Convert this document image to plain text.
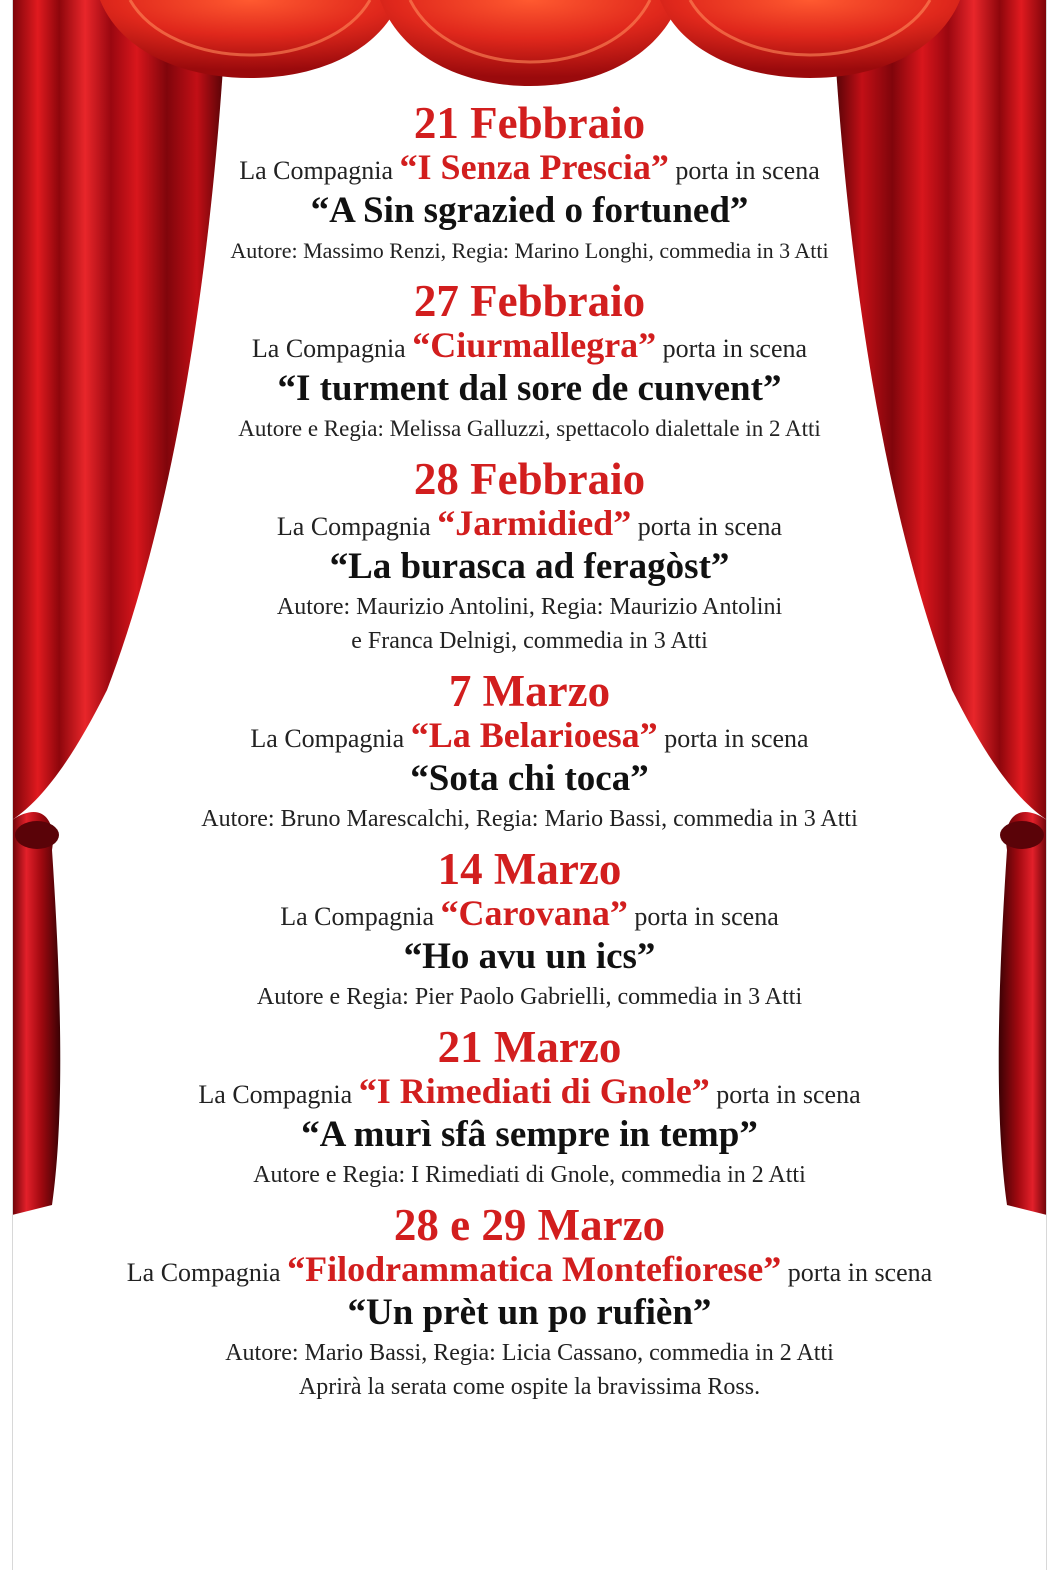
21 Febbraio
La Compagnia “I Senza Prescia” porta in scena
“A Sin sgrazied o fortuned”
Autore: Massimo Renzi, Regia: Marino Longhi, commedia in 3 Atti
27 Febbraio
La Compagnia “Ciurmallegra” porta in scena
“I turment dal sore de cunvent”
Autore e Regia: Melissa Galluzzi, spettacolo dialettale in 2 Atti
28 Febbraio
La Compagnia “Jarmidied” porta in scena
“La burasca ad feragòst”
Autore: Maurizio Antolini, Regia: Maurizio Antolini
e Franca Delnigi, commedia in 3 Atti
7 Marzo
La Compagnia “La Belarioesa” porta in scena
“Sota chi toca”
Autore: Bruno Marescalchi, Regia: Mario Bassi, commedia in 3 Atti
14 Marzo
La Compagnia “Carovana” porta in scena
“Ho avu un ics”
Autore e Regia: Pier Paolo Gabrielli, commedia in 3 Atti
21 Marzo
La Compagnia “I Rimediati di Gnole” porta in scena
“A murì sfâ sempre in temp”
Autore e Regia: I Rimediati di Gnole, commedia in 2 Atti
28 e 29 Marzo
La Compagnia “Filodrammatica Montefiorese” porta in scena
“Un prèt un po rufièn”
Autore: Mario Bassi, Regia: Licia Cassano, commedia in 2 Atti
Aprirà la serata come ospite la bravissima Ross.
